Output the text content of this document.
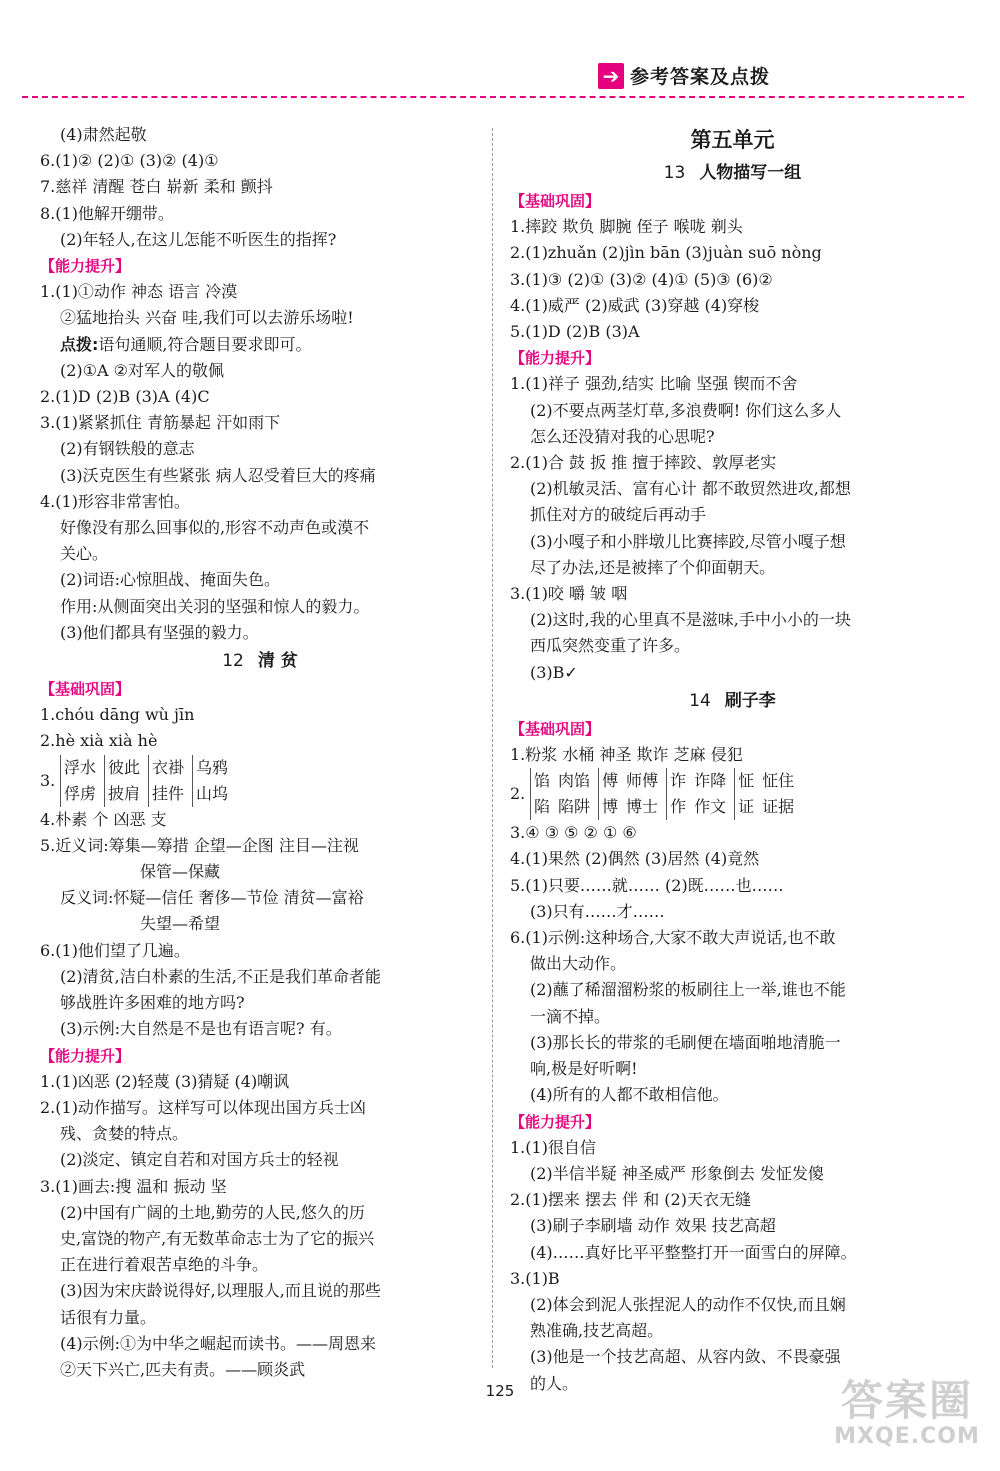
➔ 参考答案及点拨
(4)肃然起敬
6.(1)② (2)① (3)② (4)①
7.慈祥 清醒 苍白 崭新 柔和 颤抖
8.(1)他解开绷带。
(2)年轻人,在这儿怎能不听医生的指挥?
【能力提升】
1.(1)①动作 神态 语言 冷漠
②猛地抬头 兴奋 哇,我们可以去游乐场啦!
点拨:语句通顺,符合题目要求即可。
(2)①A ②对军人的敬佩
2.(1)D (2)B (3)A (4)C
3.(1)紧紧抓住 青筋暴起 汗如雨下
(2)有钢铁般的意志
(3)沃克医生有些紧张 病人忍受着巨大的疼痛
4.(1)形容非常害怕。
好像没有那么回事似的,形容不动声色或漠不
关心。
(2)词语:心惊胆战、掩面失色。
作用:从侧面突出关羽的坚强和惊人的毅力。
(3)他们都具有坚强的毅力。
12 清 贫
【基础巩固】
1.chóu dāng wù jīn
2.hè xià xià hè
3.
浮水	彼此	衣褂	乌鸦
俘虏	披肩	挂件	山坞
4.朴素 个 凶恶 支
5.近义词:筹集—筹措 企望—企图 注目—注视
保管—保藏
反义词:怀疑—信任 奢侈—节俭 清贫—富裕
失望—希望
6.(1)他们望了几遍。
(2)清贫,洁白朴素的生活,不正是我们革命者能
够战胜许多困难的地方吗?
(3)示例:大自然是不是也有语言呢? 有。
【能力提升】
1.(1)凶恶 (2)轻蔑 (3)猜疑 (4)嘲讽
2.(1)动作描写。这样写可以体现出国方兵士凶
残、贪婪的特点。
(2)淡定、镇定自若和对国方兵士的轻视
3.(1)画去:搜 温和 振动 坚
(2)中国有广阔的土地,勤劳的人民,悠久的历
史,富饶的物产,有无数革命志士为了它的振兴
正在进行着艰苦卓绝的斗争。
(3)因为宋庆龄说得好,以理服人,而且说的那些
话很有力量。
(4)示例:①为中华之崛起而读书。——周恩来
②天下兴亡,匹夫有责。——顾炎武
第五单元
13 人物描写一组
【基础巩固】
1.摔跤 欺负 脚腕 侄子 喉咙 剃头
2.(1)zhuǎn (2)jìn bān (3)juàn suō nòng
3.(1)③ (2)① (3)② (4)① (5)③ (6)②
4.(1)威严 (2)威武 (3)穿越 (4)穿梭
5.(1)D (2)B (3)A
【能力提升】
1.(1)祥子 强劲,结实 比喻 坚强 锲而不舍
(2)不要点两茎灯草,多浪费啊! 你们这么多人
怎么还没猜对我的心思呢?
2.(1)合 鼓 扳 推 擅于摔跤、敦厚老实
(2)机敏灵活、富有心计 都不敢贸然进攻,都想
抓住对方的破绽后再动手
(3)小嘎子和小胖墩儿比赛摔跤,尽管小嘎子想
尽了办法,还是被摔了个仰面朝天。
3.(1)咬 嚼 皱 咽
(2)这时,我的心里真不是滋味,手中小小的一块
西瓜突然变重了许多。
(3)B✓
14 刷子李
【基础巩固】
1.粉浆 水桶 神圣 欺诈 芝麻 侵犯
2.
馅	肉馅	傅	师傅	诈	诈降	怔	怔住
陷	陷阱	博	博士	作	作文	证	证据
3.④ ③ ⑤ ② ① ⑥
4.(1)果然 (2)偶然 (3)居然 (4)竟然
5.(1)只要……就…… (2)既……也……
(3)只有……才……
6.(1)示例:这种场合,大家不敢大声说话,也不敢
做出大动作。
(2)蘸了稀溜溜粉浆的板刷往上一举,谁也不能
一滴不掉。
(3)那长长的带浆的毛刷便在墙面啪地清脆一
响,极是好听啊!
(4)所有的人都不敢相信他。
【能力提升】
1.(1)很自信
(2)半信半疑 神圣威严 形象倒去 发怔发傻
2.(1)摆来 摆去 伴 和 (2)天衣无缝
(3)刷子李刷墙 动作 效果 技艺高超
(4)……真好比平平整整打开一面雪白的屏障。
3.(1)B
(2)体会到泥人张捏泥人的动作不仅快,而且娴
熟准确,技艺高超。
(3)他是一个技艺高超、从容内敛、不畏豪强
的人。
125	答案圈
MXQE.COM
